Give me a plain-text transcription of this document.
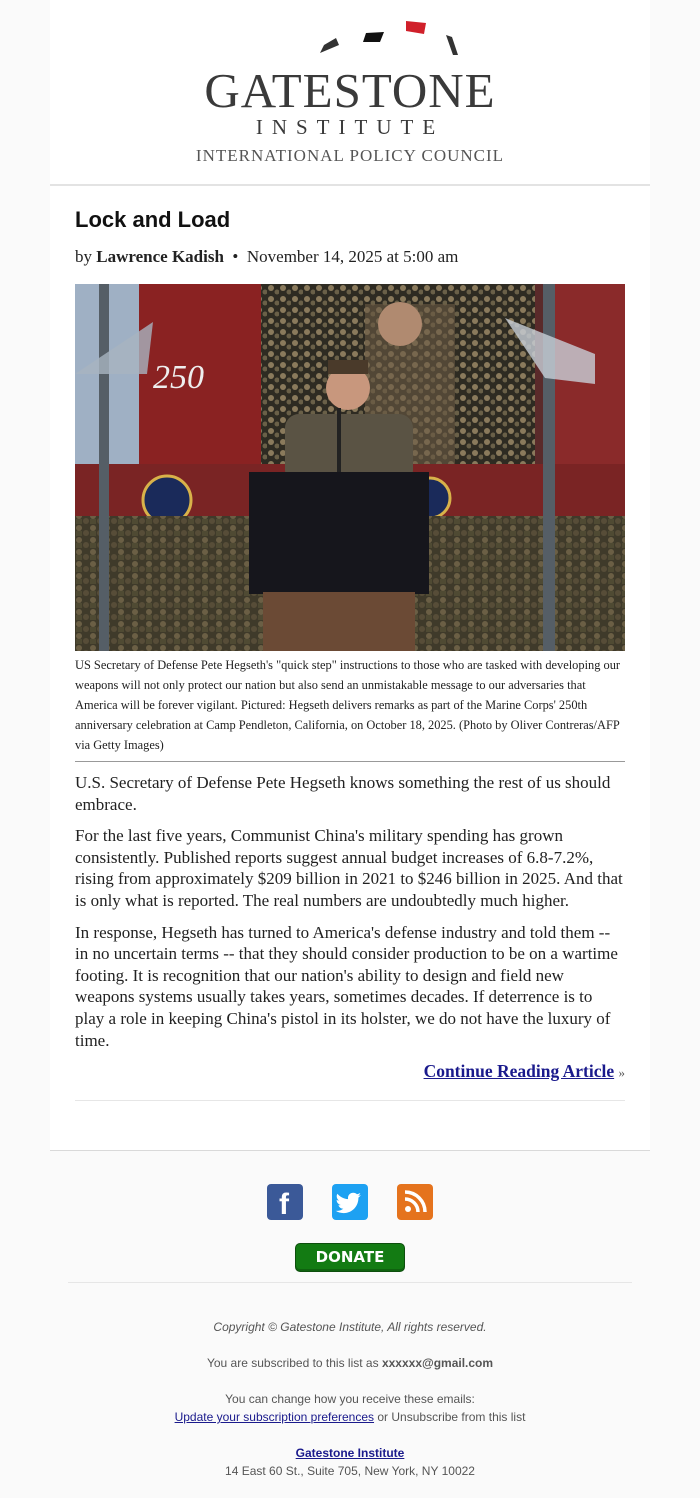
GATESTONE
INSTITUTE
INTERNATIONAL POLICY COUNCIL
Lock and Load
by Lawrence Kadish • November 14, 2025 at 5:00 am
250
US Secretary of Defense Pete Hegseth's "quick step" instructions to those who are tasked with developing our weapons will not only protect our nation but also send an unmistakable message to our adversaries that America will be forever vigilant. Pictured: Hegseth delivers remarks as part of the Marine Corps' 250th anniversary celebration at Camp Pendleton, California, on October 18, 2025. (Photo by Oliver Contreras/AFP via Getty Images)

U.S. Secretary of Defense Pete Hegseth knows something the rest of us should embrace.

For the last five years, Communist China's military spending has grown consistently. Published reports suggest annual budget increases of 6.8-7.2%, rising from approximately $209 billion in 2021 to $246 billion in 2025. And that is only what is reported. The real numbers are undoubtedly much higher.

In response, Hegseth has turned to America's defense industry and told them -- in no uncertain terms -- that they should consider production to be on a wartime footing. It is recognition that our nation's ability to design and field new weapons systems usually takes years, sometimes decades. If deterrence is to play a role in keeping China's pistol in its holster, we do not have the luxury of time.

Continue Reading Article »
f
DONATE
Copyright © Gatestone Institute, All rights reserved.
You are subscribed to this list as xxxxxx@gmail.com
You can change how you receive these emails:
Update your subscription preferences or Unsubscribe from this list
Gatestone Institute
14 East 60 St., Suite 705, New York, NY 10022
